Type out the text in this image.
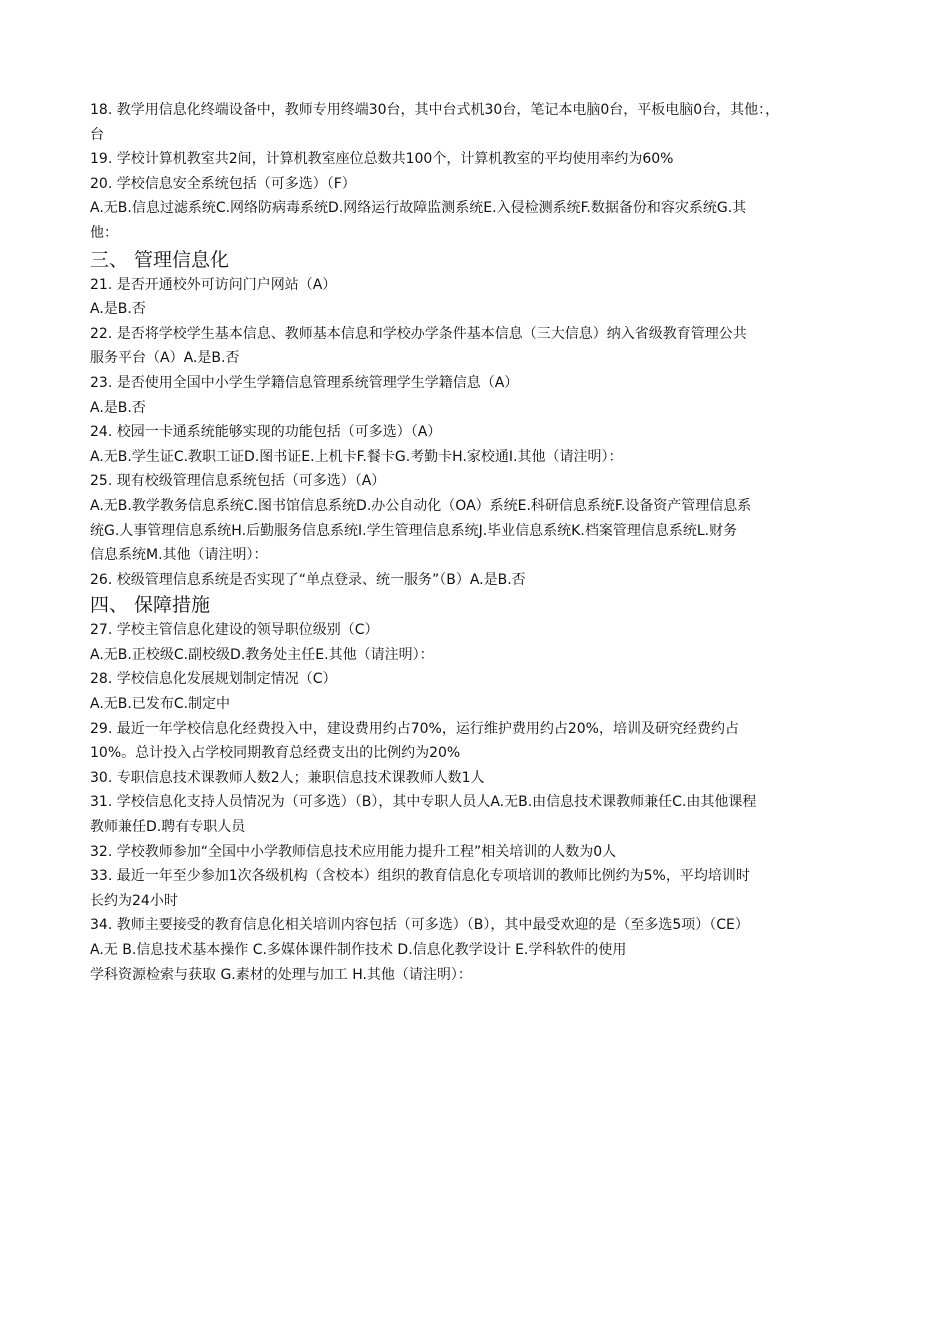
18. 教学用信息化终端设备中，教师专用终端30台，其中台式机30台，笔记本电脑0台，平板电脑0台，其他：，

台

19. 学校计算机教室共2间，计算机教室座位总数共100个，计算机教室的平均使用率约为60%

20. 学校信息安全系统包括（可多选）（F）

A.无B.信息过滤系统C.网络防病毒系统D.网络运行故障监测系统E.入侵检测系统F.数据备份和容灾系统G.其

他：

三、 管理信息化

21. 是否开通校外可访问门户网站（A）

A.是B.否

22. 是否将学校学生基本信息、教师基本信息和学校办学条件基本信息（三大信息）纳入省级教育管理公共

服务平台（A）A.是B.否

23. 是否使用全国中小学生学籍信息管理系统管理学生学籍信息（A）

A.是B.否

24. 校园一卡通系统能够实现的功能包括（可多选）（A）

A.无B.学生证C.教职工证D.图书证E.上机卡F.餐卡G.考勤卡H.家校通I.其他（请注明）：

25. 现有校级管理信息系统包括（可多选）（A）

A.无B.教学教务信息系统C.图书馆信息系统D.办公自动化（OA）系统E.科研信息系统F.设备资产管理信息系

统G.人事管理信息系统H.后勤服务信息系统I.学生管理信息系统J.毕业信息系统K.档案管理信息系统L.财务

信息系统M.其他（请注明）：

26. 校级管理信息系统是否实现了“单点登录、统一服务”（B）A.是B.否

四、 保障措施

27. 学校主管信息化建设的领导职位级别（C）

A.无B.正校级C.副校级D.教务处主任E.其他（请注明）：

28. 学校信息化发展规划制定情况（C）

A.无B.已发布C.制定中

29. 最近一年学校信息化经费投入中，建设费用约占70%，运行维护费用约占20%，培训及研究经费约占

10%。总计投入占学校同期教育总经费支出的比例约为20%

30. 专职信息技术课教师人数2人；兼职信息技术课教师人数1人

31. 学校信息化支持人员情况为（可多选）（B），其中专职人员人A.无B.由信息技术课教师兼任C.由其他课程

教师兼任D.聘有专职人员

32. 学校教师参加“全国中小学教师信息技术应用能力提升工程”相关培训的人数为0人

33. 最近一年至少参加1次各级机构（含校本）组织的教育信息化专项培训的教师比例约为5%，平均培训时

长约为24小时

34. 教师主要接受的教育信息化相关培训内容包括（可多选）（B），其中最受欢迎的是（至多选5项）（CE）

A.无 B.信息技术基本操作 C.多媒体课件制作技术 D.信息化教学设计 E.学科软件的使用

学科资源检索与获取 G.素材的处理与加工 H.其他（请注明）：
